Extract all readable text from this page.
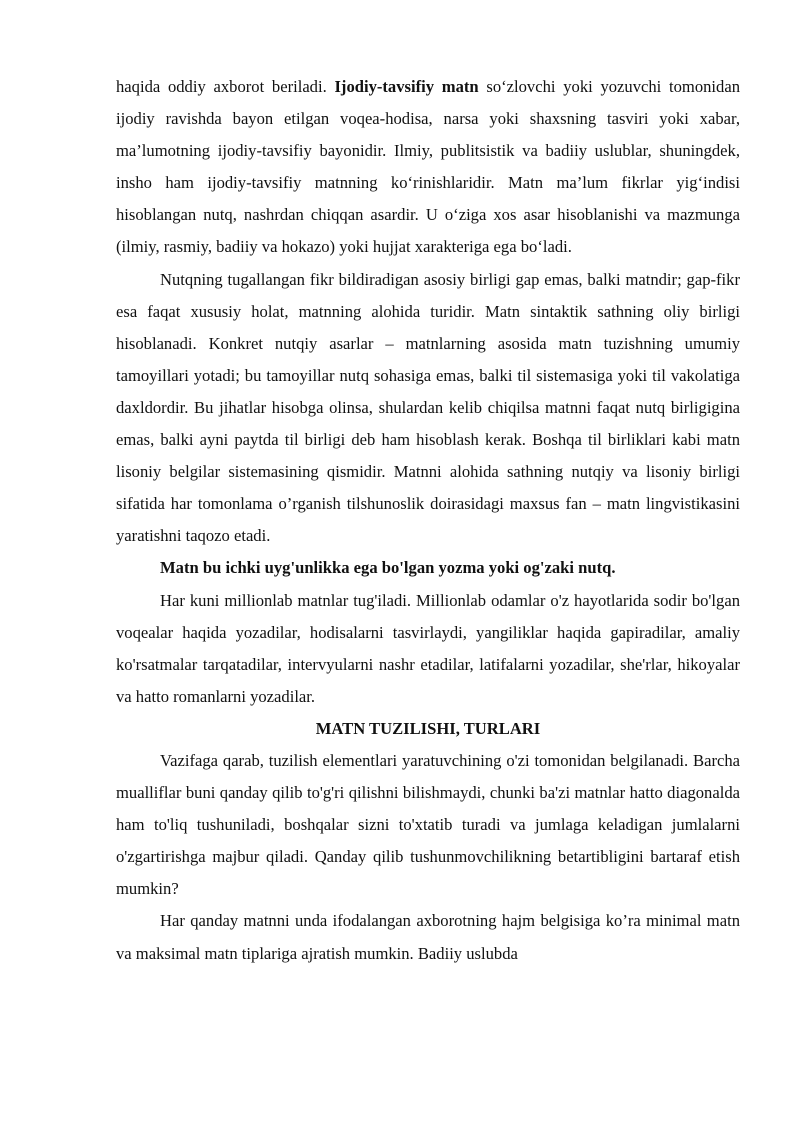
haqida oddiy axborot beriladi. Ijodiy-tavsifiy matn so‘zlovchi yoki yozuvchi tomonidan ijodiy ravishda bayon etilgan voqea-hodisa, narsa yoki shaxsning tasviri yoki xabar, ma’lumotning ijodiy-tavsifiy bayonidir. Ilmiy, publitsistik va badiiy uslublar, shuningdek, insho ham ijodiy-tavsifiy matnning ko‘rinishlaridir. Matn ma’lum fikrlar yig‘indisi hisoblangan nutq, nashrdan chiqqan asardir. U o‘ziga xos asar hisoblanishi va mazmunga (ilmiy, rasmiy, badiiy va hokazo) yoki hujjat xarakteriga ega bo‘ladi.

Nutqning tugallangan fikr bildiradigan asosiy birligi gap emas, balki matndir; gap-fikr esa faqat xususiy holat, matnning alohida turidir. Matn sintaktik sathning oliy birligi hisoblanadi. Konkret nutqiy asarlar – matnlarning asosida matn tuzishning umumiy tamoyillari yotadi; bu tamoyillar nutq sohasiga emas, balki til sistemasiga yoki til vakolatiga daxldordir. Bu jihatlar hisobga olinsa, shulardan kelib chiqilsa matnni faqat nutq birligigina emas, balki ayni paytda til birligi deb ham hisoblash kerak. Boshqa til birliklari kabi matn lisoniy belgilar sistemasining qismidir. Matnni alohida sathning nutqiy va lisoniy birligi sifatida har tomonlama o’rganish tilshunoslik doirasidagi maxsus fan – matn lingvistikasini yaratishni taqozo etadi.

Matn bu ichki uyg'unlikka ega bo'lgan yozma yoki og'zaki nutq.

Har kuni millionlab matnlar tug'iladi. Millionlab odamlar o'z hayotlarida sodir bo'lgan voqealar haqida yozadilar, hodisalarni tasvirlaydi, yangiliklar haqida gapiradilar, amaliy ko'rsatmalar tarqatadilar, intervyularni nashr etadilar, latifalarni yozadilar, she'rlar, hikoyalar va hatto romanlarni yozadilar.

MATN TUZILISHI, TURLARI

Vazifaga qarab, tuzilish elementlari yaratuvchining o'zi tomonidan belgilanadi. Barcha mualliflar buni qanday qilib to'g'ri qilishni bilishmaydi, chunki ba'zi matnlar hatto diagonalda ham to'liq tushuniladi, boshqalar sizni to'xtatib turadi va jumlaga keladigan jumlalarni o'zgartirishga majbur qiladi. Qanday qilib tushunmovchilikning betartibligini bartaraf etish mumkin?

Har qanday matnni unda ifodalangan axborotning hajm belgisiga ko’ra minimal matn va maksimal matn tiplariga ajratish mumkin. Badiiy uslubda
